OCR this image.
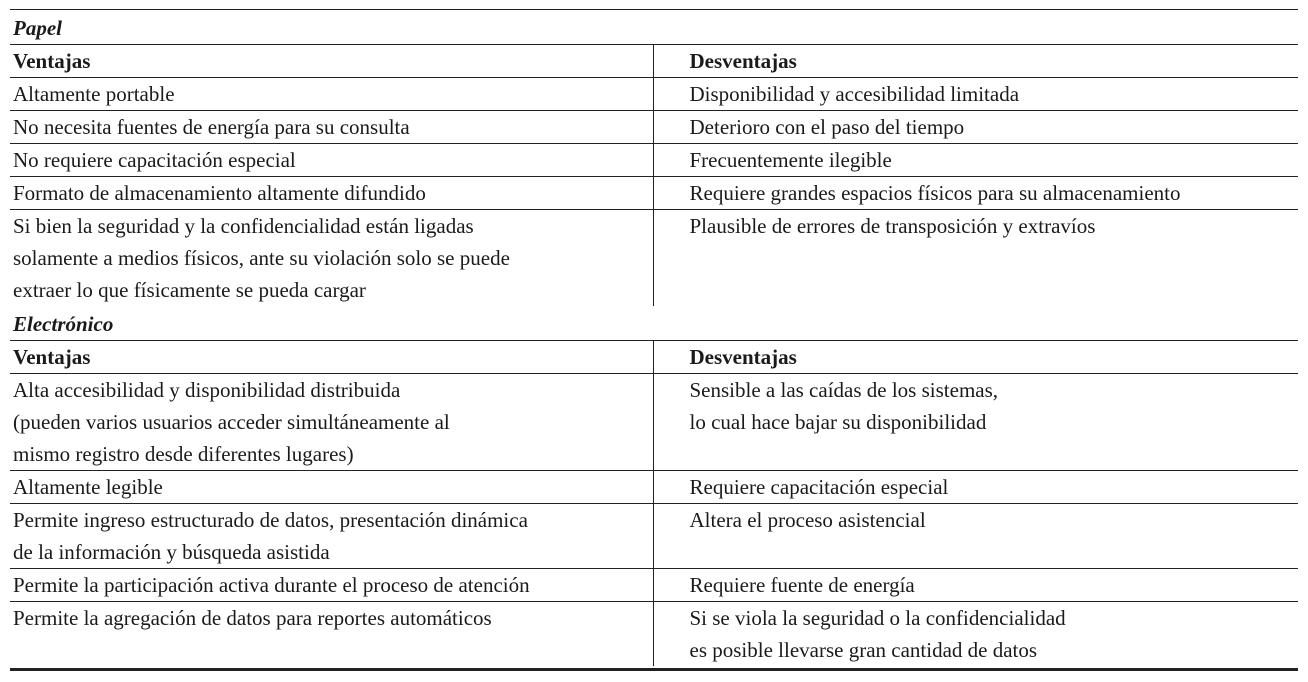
Papel
Ventajas	Desventajas

Altamente portable	Disponibilidad y accesibilidad limitada

No necesita fuentes de energía para su consulta	Deterioro con el paso del tiempo

No requiere capacitación especial	Frecuentemente ilegible

Formato de almacenamiento altamente difundido	Requiere grandes espacios físicos para su almacenamiento

Si bien la seguridad y la confidencialidad están ligadas
solamente a medios físicos, ante su violación solo se puede
extraer lo que físicamente se pueda cargar	Plausible de errores de transposición y extravíos
Electrónico
Ventajas	Desventajas

Alta accesibilidad y disponibilidad distribuida
(pueden varios usuarios acceder simultáneamente al
mismo registro desde diferentes lugares)	Sensible a las caídas de los sistemas,
lo cual hace bajar su disponibilidad

Altamente legible	Requiere capacitación especial

Permite ingreso estructurado de datos, presentación dinámica
de la información y búsqueda asistida	Altera el proceso asistencial

Permite la participación activa durante el proceso de atención	Requiere fuente de energía

Permite la agregación de datos para reportes automáticos	Si se viola la seguridad o la confidencialidad
es posible llevarse gran cantidad de datos
